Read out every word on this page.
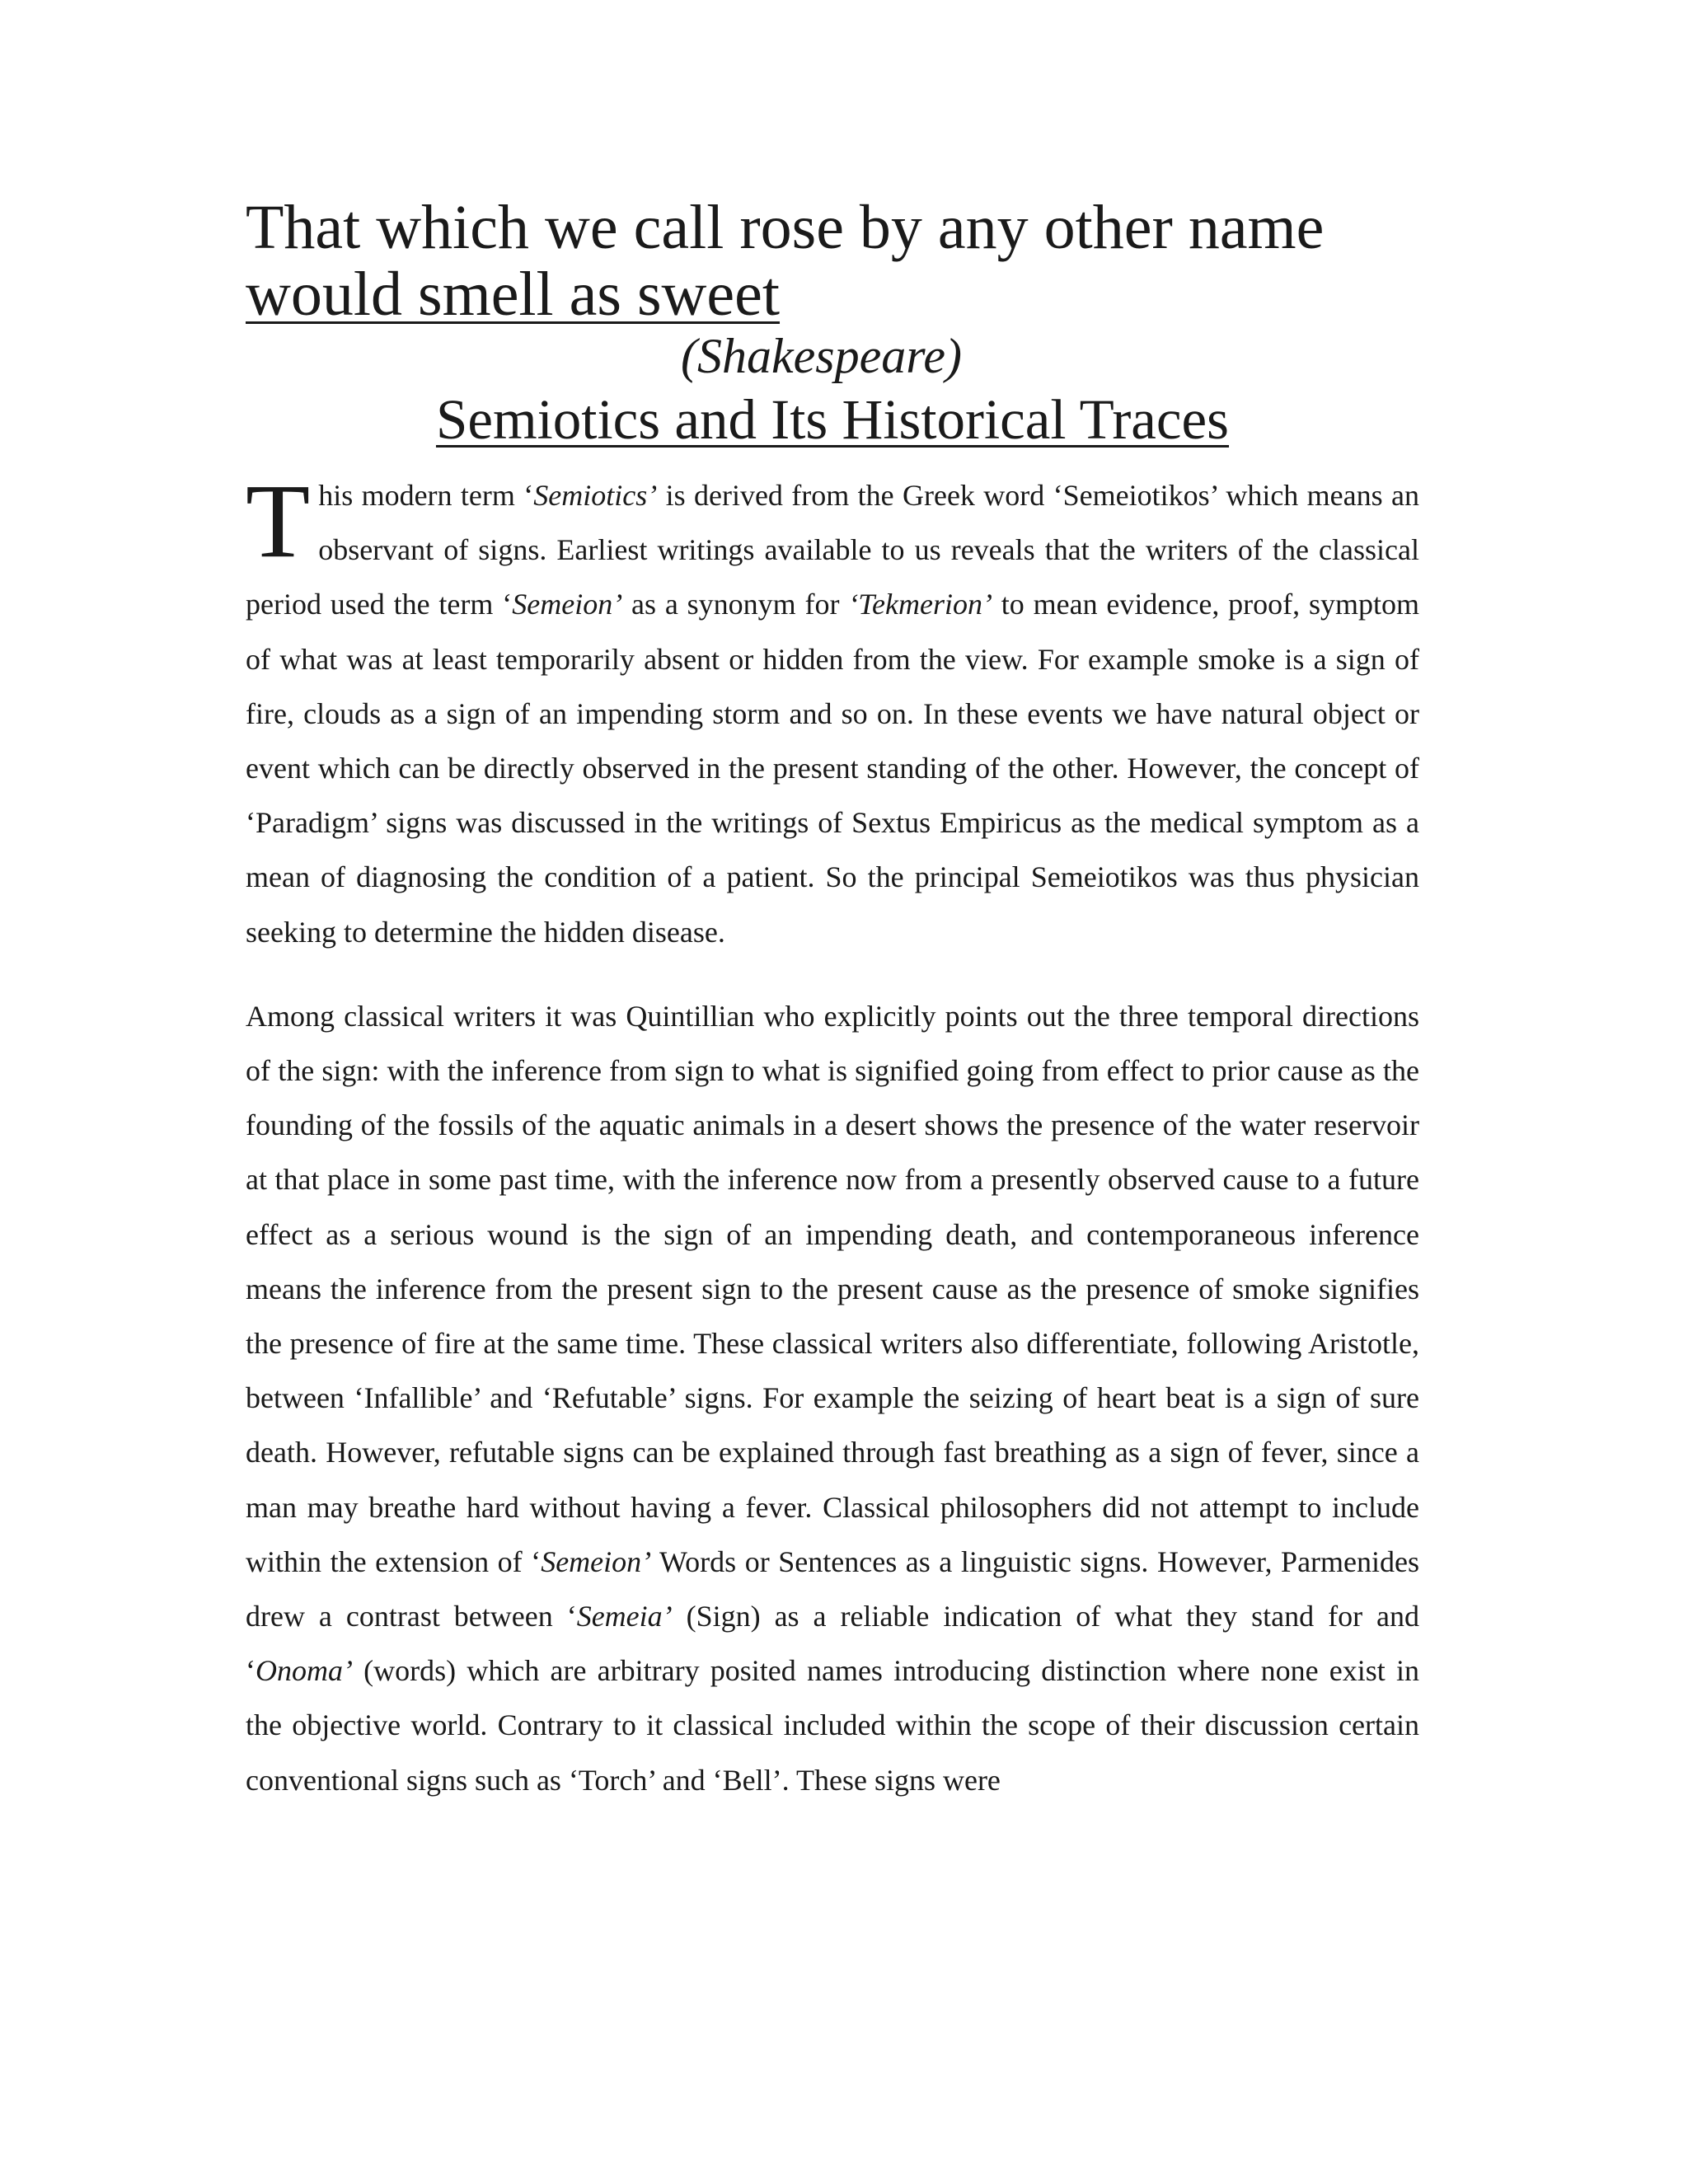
That which we call rose by any other name
would smell as sweet
(Shakespeare)
Semiotics and Its Historical Traces

This modern term ‘Semiotics’ is derived from the Greek word ‘Semeiotikos’ which means an observant of signs. Earliest writings available to us reveals that the writers of the classical period used the term ‘Semeion’ as a synonym for ‘Tekmerion’ to mean evidence, proof, symptom of what was at least temporarily absent or hidden from the view. For example smoke is a sign of fire, clouds as a sign of an impending storm and so on. In these events we have natural object or event which can be directly observed in the present standing of the other. However, the concept of ‘Paradigm’ signs was discussed in the writings of Sextus Empiricus as the medical symptom as a mean of diagnosing the condition of a patient. So the principal Semeiotikos was thus physician seeking to determine the hidden disease.

Among classical writers it was Quintillian who explicitly points out the three temporal directions of the sign: with the inference from sign to what is signified going from effect to prior cause as the founding of the fossils of the aquatic animals in a desert shows the presence of the water reservoir at that place in some past time, with the inference now from a presently observed cause to a future effect as a serious wound is the sign of an impending death, and contemporaneous inference means the inference from the present sign to the present cause as the presence of smoke signifies the presence of fire at the same time. These classical writers also differentiate, following Aristotle, between ‘Infallible’ and ‘Refutable’ signs. For example the seizing of heart beat is a sign of sure death. However, refutable signs can be explained through fast breathing as a sign of fever, since a man may breathe hard without having a fever. Classical philosophers did not attempt to include within the extension of ‘Semeion’ Words or Sentences as a linguistic signs. However, Parmenides drew a contrast between ‘Semeia’ (Sign) as a reliable indication of what they stand for and ‘Onoma’ (words) which are arbitrary posited names introducing distinction where none exist in the objective world. Contrary to it classical included within the scope of their discussion certain conventional signs such as ‘Torch’ and ‘Bell’. These signs were
